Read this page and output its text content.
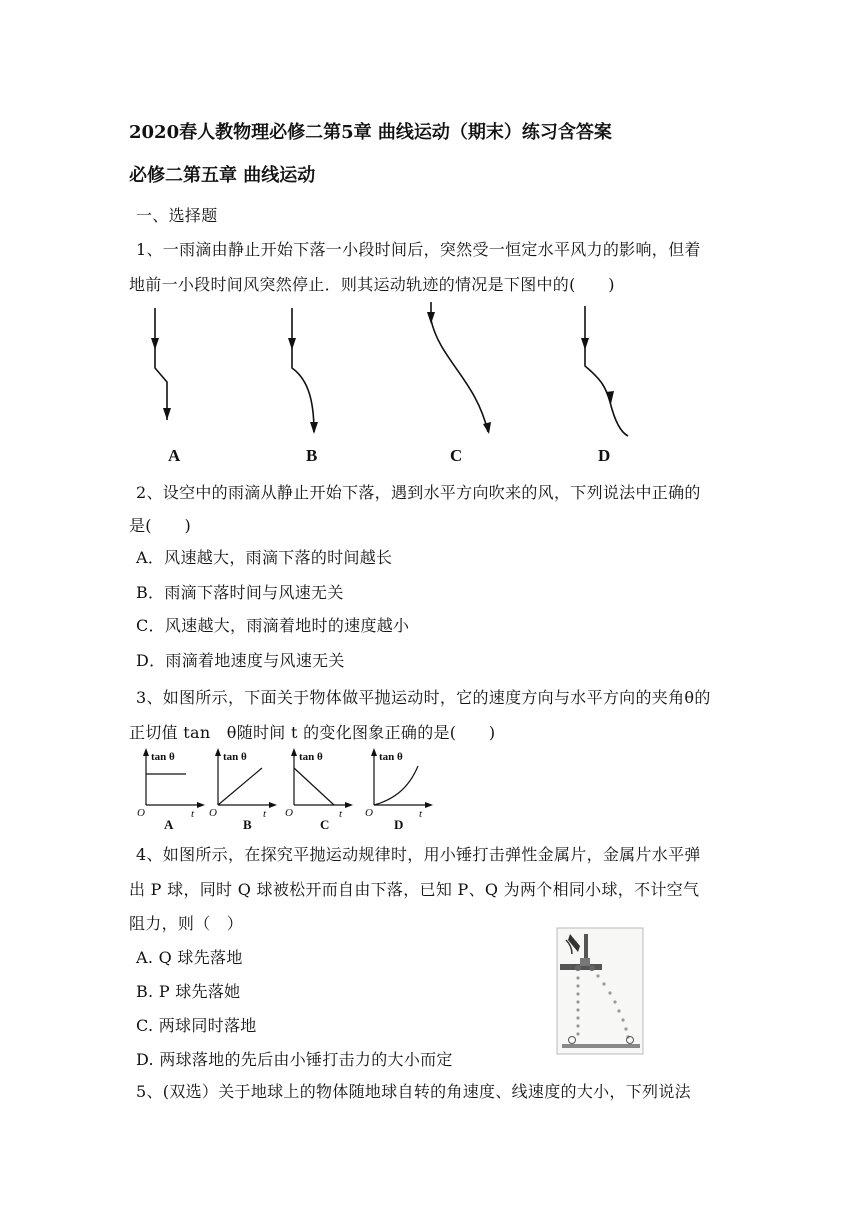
2020春人教物理必修二第5章 曲线运动（期末）练习含答案
必修二第五章 曲线运动
一、选择题
1、一雨滴由静止开始下落一小段时间后，突然受一恒定水平风力的影响，但着
地前一小段时间风突然停止．则其运动轨迹的情况是下图中的(　　)
A	B	C	D
2、设空中的雨滴从静止开始下落，遇到水平方向吹来的风，下列说法中正确的
是(　　)
A．风速越大，雨滴下落的时间越长
B．雨滴下落时间与风速无关
C．风速越大，雨滴着地时的速度越小
D．雨滴着地速度与风速无关
3、如图所示，下面关于物体做平抛运动时，它的速度方向与水平方向的夹角θ的
正切值 tan　θ随时间 t 的变化图象正确的是(　　)
tan θ
t
O
A
tan θ
t
O
B
tan θ
t
O
C
tan θ
t
O
D
4、如图所示，在探究平抛运动规律时，用小锤打击弹性金属片，金属片水平弹
出 P 球，同时 Q 球被松开而自由下落，已知 P、Q 为两个相同小球，不计空气
阻力，则（　）
A. Q 球先落地
B. P 球先落她
C. 两球同时落地
D. 两球落地的先后由小锤打击力的大小而定
5、(双选）关于地球上的物体随地球自转的角速度、线速度的大小，下列说法
